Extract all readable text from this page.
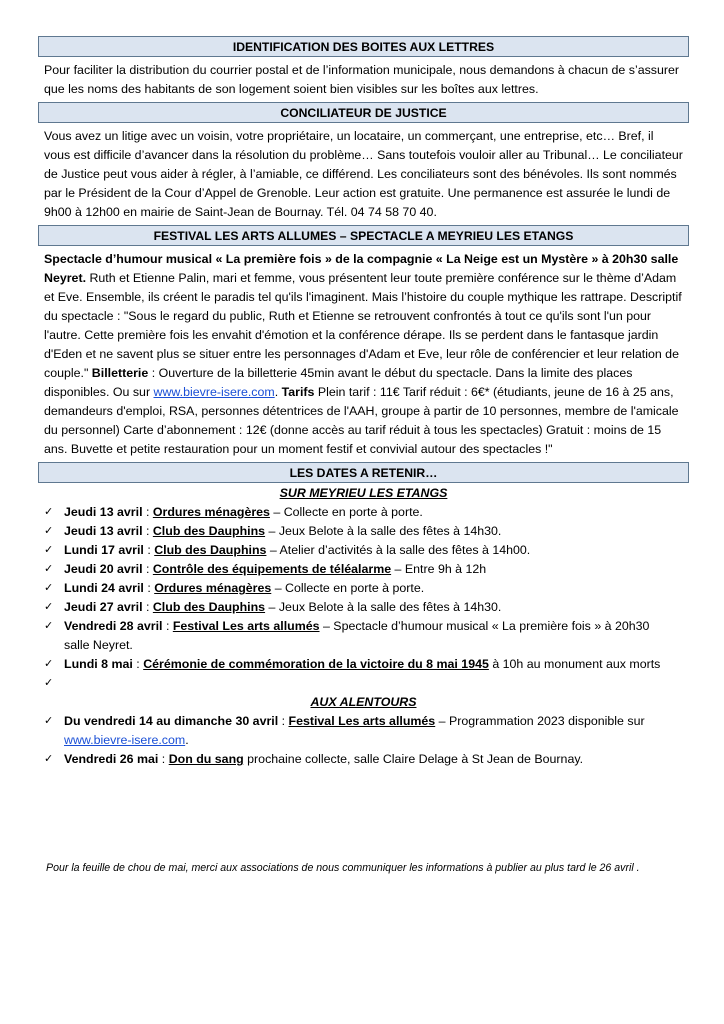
IDENTIFICATION DES BOITES AUX LETTRES
Pour faciliter la distribution du courrier postal et de l’information municipale, nous demandons à chacun de s’assurer que les noms des habitants de son logement soient bien visibles sur les boîtes aux lettres.
CONCILIATEUR DE JUSTICE
Vous avez un litige avec un voisin, votre propriétaire, un locataire, un commerçant, une entreprise, etc… Bref, il vous est difficile d’avancer dans la résolution du problème… Sans toutefois vouloir aller au Tribunal… Le conciliateur de Justice peut vous aider à régler, à l’amiable, ce différend. Les conciliateurs sont des bénévoles. Ils sont nommés par le Président de la Cour d’Appel de Grenoble. Leur action est gratuite. Une permanence est assurée le lundi de 9h00 à 12h00 en mairie de Saint-Jean de Bournay. Tél. 04 74 58 70 40.
FESTIVAL LES ARTS ALLUMES – SPECTACLE A MEYRIEU LES ETANGS
Spectacle d’humour musical « La première fois » de la compagnie « La Neige est un Mystère » à 20h30 salle Neyret. Ruth et Etienne Palin, mari et femme, vous présentent leur toute première conférence sur le thème d’Adam et Eve. Ensemble, ils créent le paradis tel qu'ils l'imaginent. Mais l’histoire du couple mythique les rattrape. Descriptif du spectacle : "Sous le regard du public, Ruth et Etienne se retrouvent confrontés à tout ce qu'ils sont l'un pour l'autre. Cette première fois les envahit d'émotion et la conférence dérape. Ils se perdent dans le fantasque jardin d'Eden et ne savent plus se situer entre les personnages d'Adam et Eve, leur rôle de conférencier et leur relation de couple." Billetterie : Ouverture de la billetterie 45min avant le début du spectacle. Dans la limite des places disponibles. Ou sur www.bievre-isere.com. Tarifs Plein tarif : 11€ Tarif réduit : 6€* (étudiants, jeune de 16 à 25 ans, demandeurs d'emploi, RSA, personnes détentrices de l'AAH, groupe à partir de 10 personnes, membre de l'amicale du personnel) Carte d’abonnement : 12€ (donne accès au tarif réduit à tous les spectacles) Gratuit : moins de 15 ans. Buvette et petite restauration pour un moment festif et convivial autour des spectacles !"
LES DATES A RETENIR…
SUR MEYRIEU LES ETANGS
✓ Jeudi 13 avril : Ordures ménagères – Collecte en porte à porte.
✓ Jeudi 13 avril : Club des Dauphins – Jeux Belote à la salle des fêtes à 14h30.
✓ Lundi 17 avril : Club des Dauphins – Atelier d’activités à la salle des fêtes à 14h00.
✓ Jeudi 20 avril : Contrôle des équipements de téléalarme – Entre 9h à 12h
✓ Lundi 24 avril : Ordures ménagères – Collecte en porte à porte.
✓ Jeudi 27 avril : Club des Dauphins – Jeux Belote à la salle des fêtes à 14h30.
✓ Vendredi 28 avril : Festival Les arts allumés – Spectacle d’humour musical « La première fois » à 20h30 salle Neyret.
✓ Lundi 8 mai : Cérémonie de commémoration de la victoire du 8 mai 1945 à 10h au monument aux morts
✓
AUX ALENTOURS
✓ Du vendredi 14 au dimanche 30 avril : Festival Les arts allumés – Programmation 2023 disponible sur www.bievre-isere.com.
✓ Vendredi 26 mai : Don du sang prochaine collecte, salle Claire Delage à St Jean de Bournay.
Pour la feuille de chou de mai, merci aux associations de nous communiquer les informations à publier au plus tard le 26 avril .
